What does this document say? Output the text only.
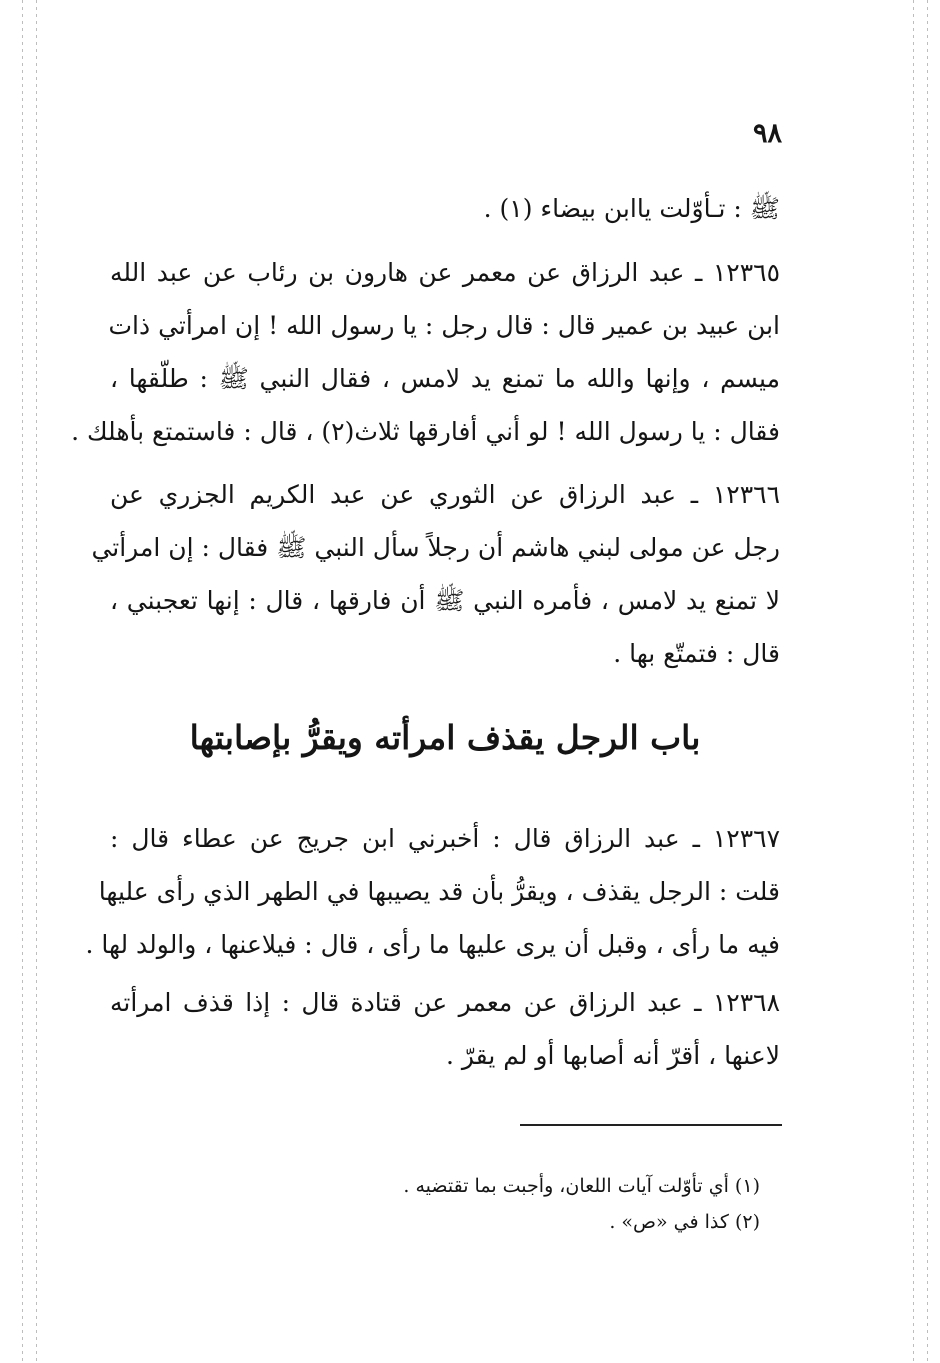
٩٨
ﷺ : تـأوّلت ياابن بيضاء (١) .
١٢٣٦٥ ـ عبد الرزاق عن معمر عن هارون بن رئاب عن عبد الله
ابن عبيد بن عمير قال : قال رجل : يا رسول الله ! إن امرأتي ذات
ميسم ، وإنها والله ما تمنع يد لامس ، فقال النبي ﷺ : طلّقها ،
فقال : يا رسول الله ! لو أني أفارقها ثلاث(٢) ، قال : فاستمتع بأهلك .
١٢٣٦٦ ـ عبد الرزاق عن الثوري عن عبد الكريم الجزري عن
رجل عن مولى لبني هاشم أن رجلاً سأل النبي ﷺ فقال : إن امرأتي
لا تمنع يد لامس ، فأمره النبي ﷺ أن فارقها ، قال : إنها تعجبني ،
قال : فتمتّع بها .
باب الرجل يقذف امرأته ويقرُّ بإصابتها
١٢٣٦٧ ـ عبد الرزاق قال : أخبرني ابن جريج عن عطاء قال :
قلت : الرجل يقذف ، ويقرُّ بأن قد يصيبها في الطهر الذي رأى عليها
فيه ما رأى ، وقبل أن يرى عليها ما رأى ، قال : فيلاعنها ، والولد لها .
١٢٣٦٨ ـ عبد الرزاق عن معمر عن قتادة قال : إذا قذف امرأته
لاعنها ، أقرّ أنه أصابها أو لم يقرّ .
(١) أي تأوّلت آيات اللعان، وأجبت بما تقتضيه .
(٢) كذا في «ص» .
